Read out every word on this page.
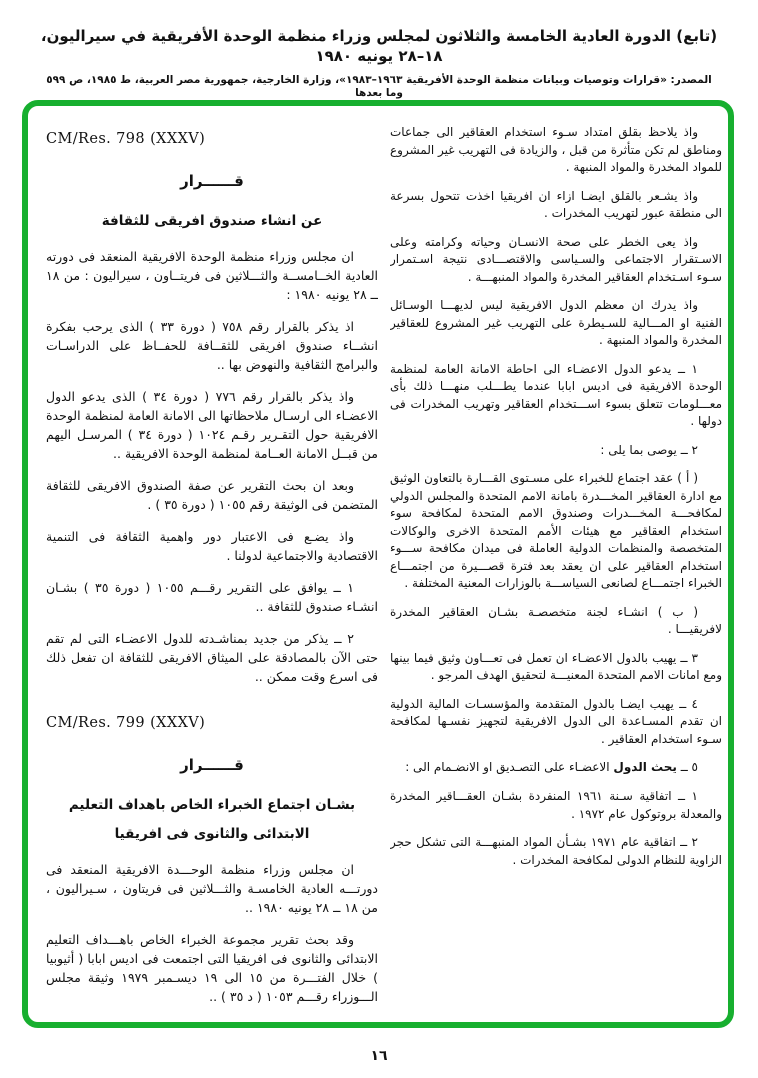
(تابع) الدورة العادية الخامسة والثلاثون لمجلس وزراء منظمة الوحدة الأفريقية في سيراليون، ١٨–٢٨ يونيه ١٩٨٠
المصدر: «قرارات وتوصيات وبيانات منظمة الوحدة الأفريقية ١٩٦٣–١٩٨٣»، وزارة الخارجية، جمهورية مصر العربية، ط ١٩٨٥، ص ٥٩٩ وما بعدها
CM/Res. 798 (XXXV)
قــــــرار
عن انشاء صندوق افريقى للثقافة
ان مجلس وزراء منظمة الوحدة الافريقية المنعقد فى دورته العادية الخــامســة والثـــلاثين فى فريتــاون ، سيراليون : من ١٨ ــ ٢٨ يونيه ١٩٨٠ :
اذ يذكر بالقرار رقم ٧٥٨ ( دورة ٣٣ ) الذى يرحب بفكرة انشــاء صندوق افريقى للثقــافة للحفــاظ على الدراسـات والبرامج الثقافية والنهوض بها ..
واذ يذكر بالقرار رقم ٧٧٦ ( دورة ٣٤ ) الذى يدعو الدول الاعضـاء الى ارسـال ملاحظاتها الى الامانة العامة لمنظمة الوحدة الافريقية حول التقـرير رقـم ١٠٢٤ ( دورة ٣٤ ) المرسـل اليهم من قبــل الامانة العــامة لمنظمة الوحدة الافريقية ..
وبعد ان بحث التقرير عن صفة الصندوق الافريقى للثقافة المتضمن فى الوثيقة رقم ١٠٥٥ ( دورة ٣٥ ) .
واذ يضـع فى الاعتبار دور واهمية الثقافة فى التنمية الاقتصادية والاجتماعية لدولنا .
١ ــ يوافق على التقرير رقـــم ١٠٥٥ ( دورة ٣٥ ) بشـان انشـاء صندوق للثقافة ..
٢ ــ يذكر من جديد بمناشـدته للدول الاعضـاء التى لم تقم حتى الآن بالمصادقة على الميثاق الافريقى للثقافة ان تفعل ذلك فى اسرع وقت ممكن ..
CM/Res. 799 (XXXV)
قــــــرار
بشـان اجتماع الخبراء الخاص باهداف التعليم
الابتدائى والثانوى فى افريقيا
ان مجلس وزراء منظمة الوحـــدة الافريقية المنعقد فى دورتـــه العادية الخامسـة والثـــلاثين فى فريتاون ، سـيراليون ، من ١٨ ــ ٢٨ يونيه ١٩٨٠ ..
وقد بحث تقرير مجموعة الخبراء الخاص باهـــداف التعليم الابتدائى والثانوى فى افريقيا التى اجتمعت فى اديس ابابا ( أثيوبيا ) خلال الفتـــرة من ١٥ الى ١٩ ديسـمبر ١٩٧٩ وثيقة مجلس الـــوزراء رقـــم ١٠٥٣ ( د ٣٥ ) ..
واذ يلاحظ بقلق امتداد سـوء استخدام العقاقير الى جماعات ومناطق لم تكن متأثرة من قبل ، والزيادة فى التهريب غير المشروع للمواد المخدرة والمواد المنبهة .
واذ يشـعر بالقلق ايضـا ازاء ان افريقيا اخذت تتحول بسرعة الى منطقة عبور لتهريب المخدرات .
واذ يعى الخطر على صحة الانسـان وحياته وكرامته وعلى الاسـتقرار الاجتماعى والسـياسى والاقتصـــادى نتيجة اسـتمرار سـوء اسـتخدام العقاقير المخدرة والمواد المنبهـــة .
واذ يدرك ان معظم الدول الافريقية ليس لديهـــا الوسـائل الفنية او المـــالية للسـيطرة على التهريب غير المشروع للعقاقير المخدرة والمواد المنبهة .
١ ــ يدعو الدول الاعضـاء الى احاطة الامانة العامة لمنظمة الوحدة الافريقية فى اديس ابابا عندما يطـــلب منهـــا ذلك بأى معـــلومات تتعلق بسوء اســـتخدام العقاقير وتهريب المخدرات فى دولها .
٢ ــ يوصى بما يلى :
( أ ) عقد اجتماع للخبراء على مسـتوى القـــارة بالتعاون الوثيق مع ادارة العقاقير المخـــدرة بامانة الامم المتحدة والمجلس الدولي لمكافحـــة المخـــدرات وصندوق الامم المتحدة لمكافحة سوء استخدام العقاقير مع هيئات الأمم المتحدة الاخرى والوكالات المتخصصة والمنظمات الدولية العاملة فى ميدان مكافحة ســـوء استخدام العقاقير على ان يعقد بعد فترة قصـــيرة من اجتمـــاع الخبراء اجتمـــاع لصانعى السياســـة بالوزارات المعنية المختلفة .
( ب ) انشـاء لجنة متخصصـة بشـان العقاقير المخدرة لافريقيـــا .
٣ ــ يهيب بالدول الاعضـاء ان تعمل فى تعـــاون وثيق فيما بينها ومع امانات الامم المتحدة المعنيـــة لتحقيق الهدف المرجو .
٤ ــ يهيب ايضـا بالدول المتقدمة والمؤسسـات المالية الدولية ان تقدم المسـاعدة الى الدول الافريقية لتجهيز نفسـها لمكافحة سـوء استخدام العقاقير .
٥ ــ يحث الدول الاعضـاء على التصـديق او الانضـمام الى :
١ ــ اتفاقية سـنة ١٩٦١ المنفردة بشـان العقـــاقير المخدرة والمعدلة بروتوكول عام ١٩٧٢ .
٢ ــ اتفاقية عام ١٩٧١ بشـأن المواد المنبهـــة التى تشكل حجر الزاوية للنظام الدولى لمكافحة المخدرات .
١٦
